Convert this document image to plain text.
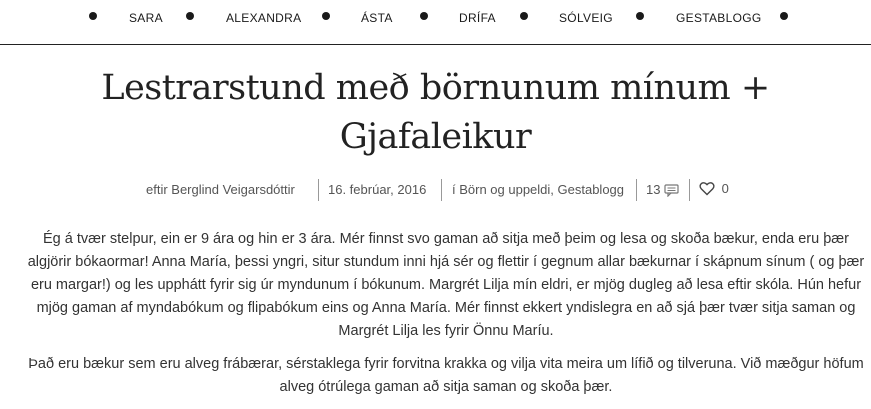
SARA	ALEXANDRA	ÁSTA	DRÍFA	SÓLVEIG	GESTABLOGG
Lestrarstund með börnunum mínum +
Gjafaleikur
eftir Berglind Veigarsdóttir	16. febrúar, 2016 í Börn og uppeldi, Gestablogg 13	0

Ég á tvær stelpur, ein er 9 ára og hin er 3 ára. Mér finnst svo gaman að sitja með þeim og lesa og skoða bækur, enda eru þær algjörir bókaormar! Anna María, þessi yngri, situr stundum inni hjá sér og flettir í gegnum allar bækurnar í skápnum sínum ( og þær eru margar!) og les upphátt fyrir sig úr myndunum í bókunum. Margrét Lilja mín eldri, er mjög dugleg að lesa eftir skóla. Hún hefur mjög gaman af myndabókum og flipabókum eins og Anna María. Mér finnst ekkert yndislegra en að sjá þær tvær sitja saman og Margrét Lilja les fyrir Önnu Maríu.

Það eru bækur sem eru alveg frábærar, sérstaklega fyrir forvitna krakka og vilja vita meira um lífið og tilveruna. Við mæðgur höfum alveg ótrúlega gaman að sitja saman og skoða þær.
